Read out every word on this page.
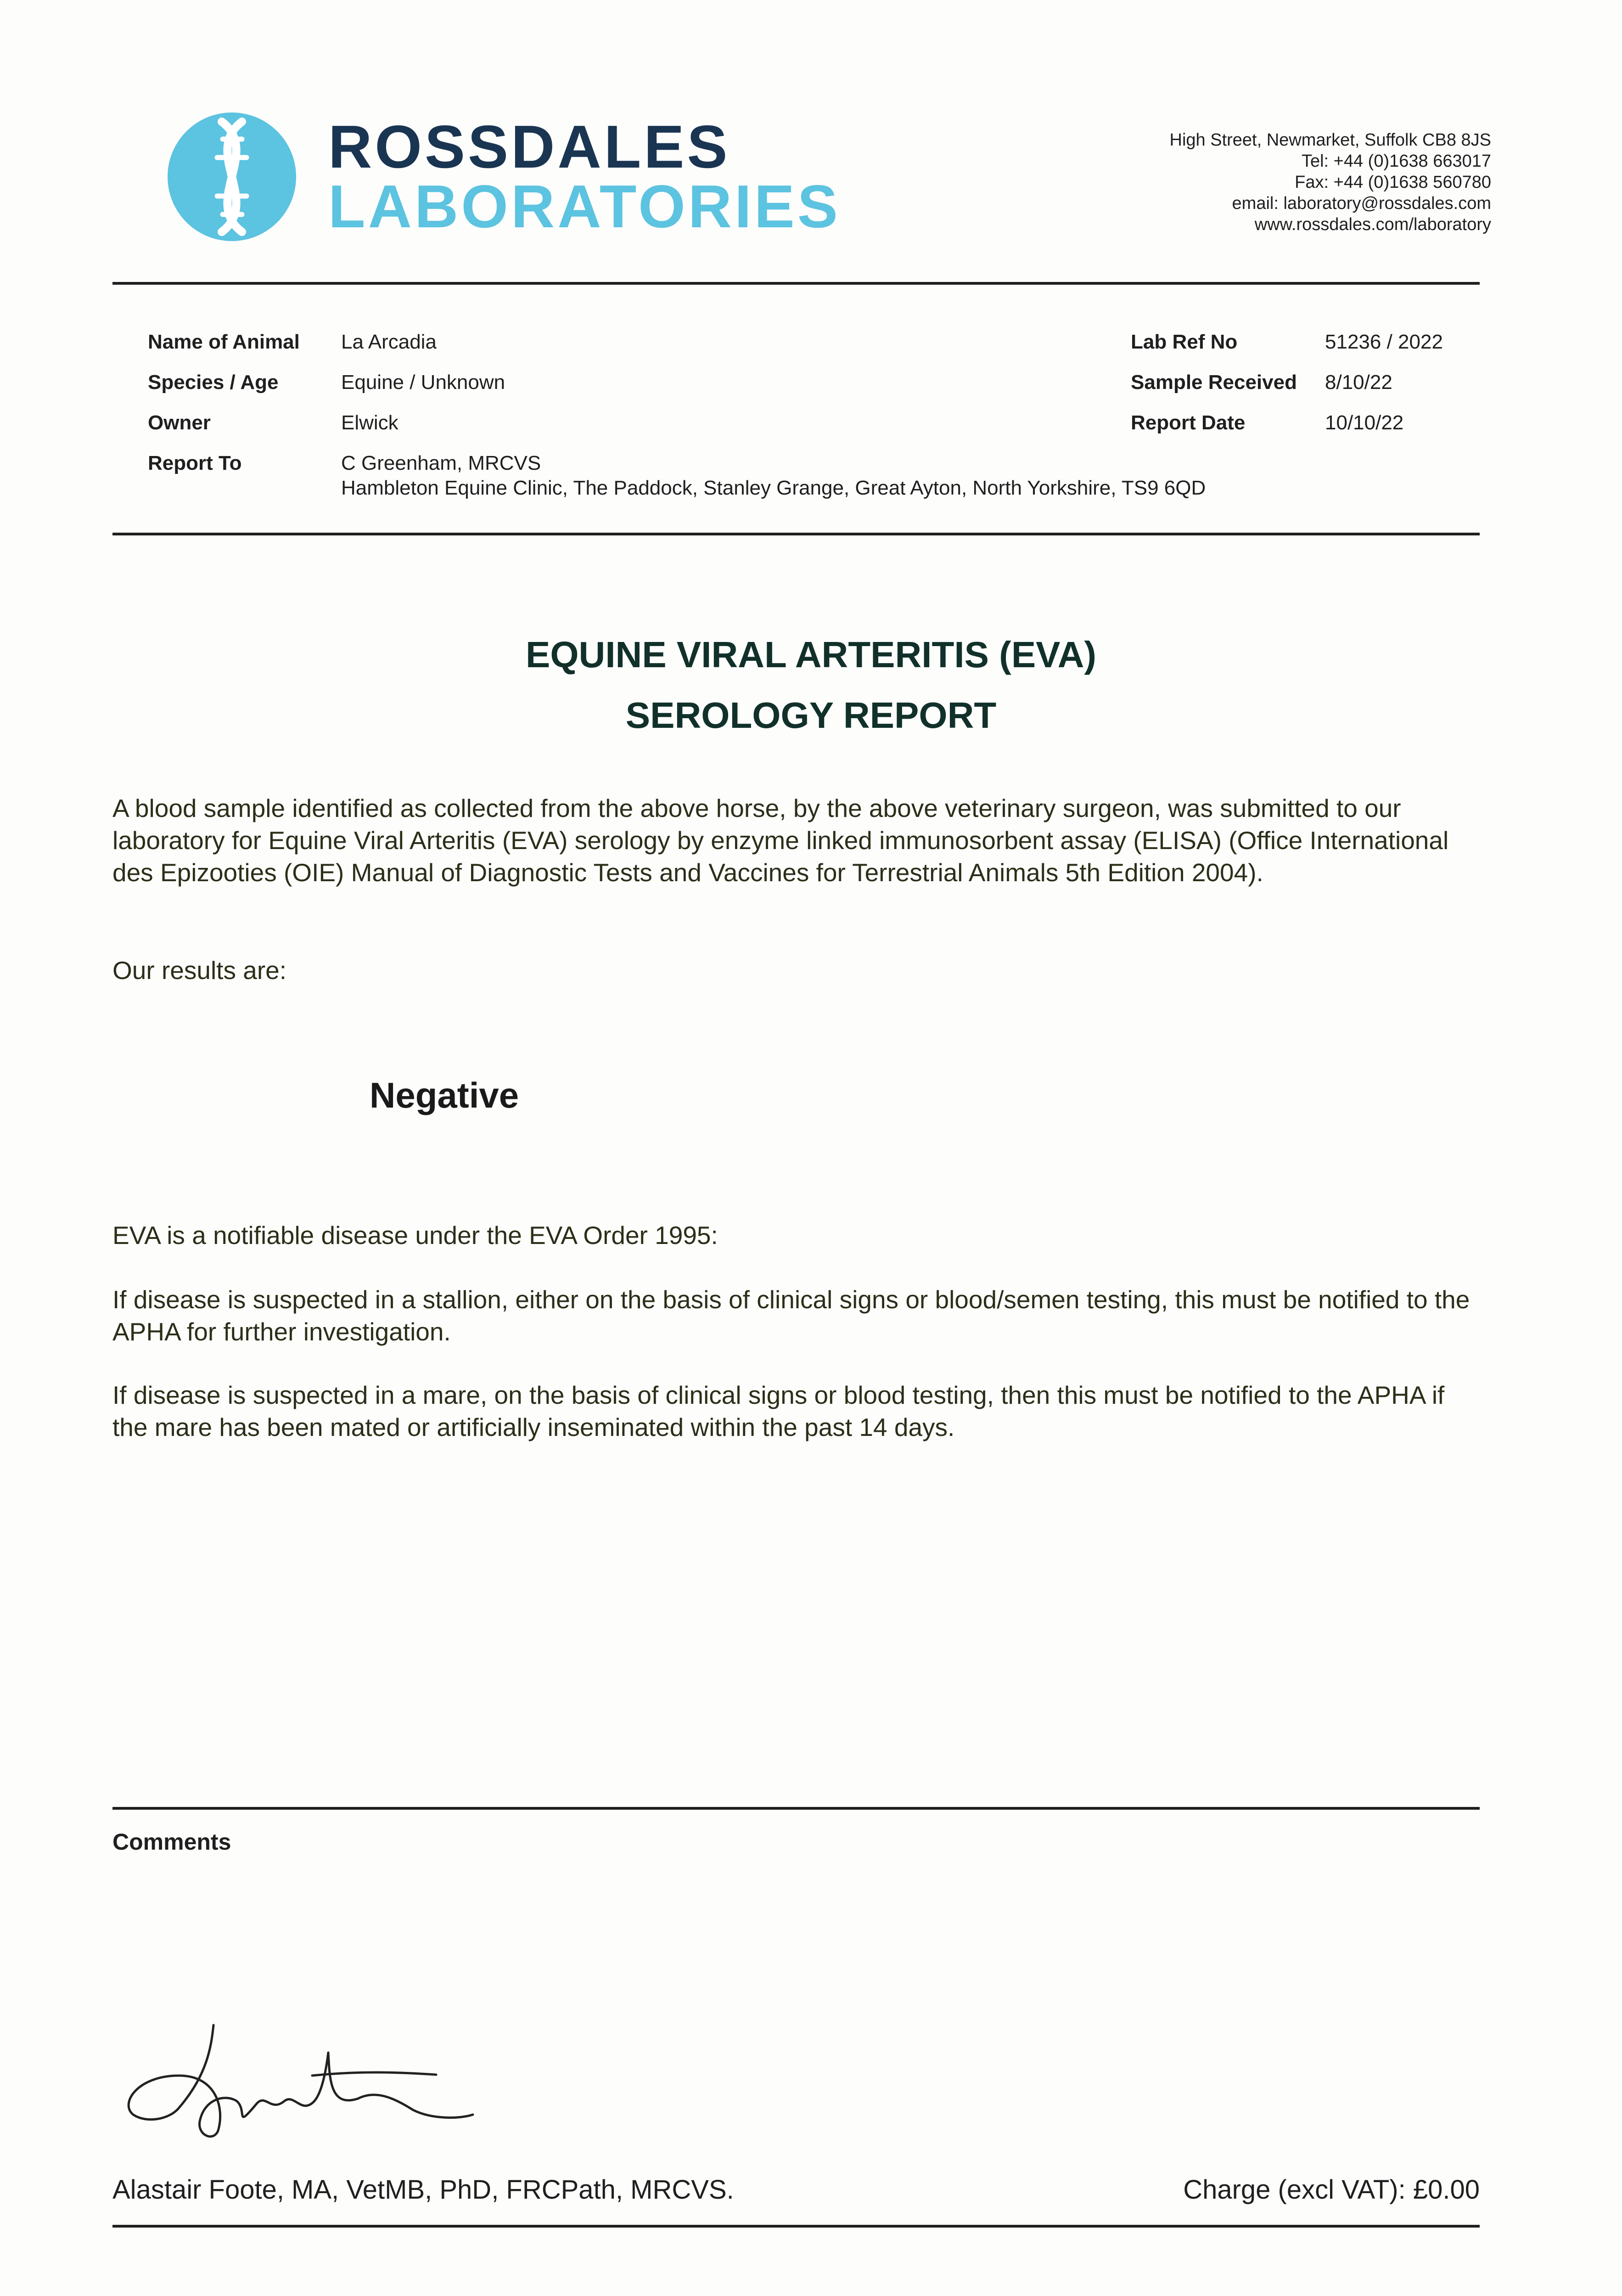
ROSSDALES
LABORATORIES
High Street, Newmarket, Suffolk CB8 8JS
Tel: +44 (0)1638 663017
Fax: +44 (0)1638 560780
email: laboratory@rossdales.com
www.rossdales.com/laboratory
Name of Animal La Arcadia
Species / Age	Equine / Unknown
Owner	Elwick
Report To	C Greenham, MRCVS
Hambleton Equine Clinic, The Paddock, Stanley Grange, Great Ayton, North Yorkshire, TS9 6QD
Lab Ref No	51236 / 2022
Sample Received 8/10/22
Report Date	10/10/22
EQUINE VIRAL ARTERITIS (EVA)
SEROLOGY REPORT
A blood sample identified as collected from the above horse, by the above veterinary surgeon, was submitted to our laboratory for Equine Viral Arteritis (EVA) serology by enzyme linked immunosorbent assay (ELISA) (Office International des Epizooties (OIE) Manual of Diagnostic Tests and Vaccines for Terrestrial Animals 5th Edition 2004).
Our results are:
Negative
EVA is a notifiable disease under the EVA Order 1995:
If disease is suspected in a stallion, either on the basis of clinical signs or blood/semen testing, this must be notified to the APHA for further investigation.
If disease is suspected in a mare, on the basis of clinical signs or blood testing, then this must be notified to the APHA if the mare has been mated or artificially inseminated within the past 14 days.
Comments
Alastair Foote, MA, VetMB, PhD, FRCPath, MRCVS.	Charge (excl VAT): £0.00
